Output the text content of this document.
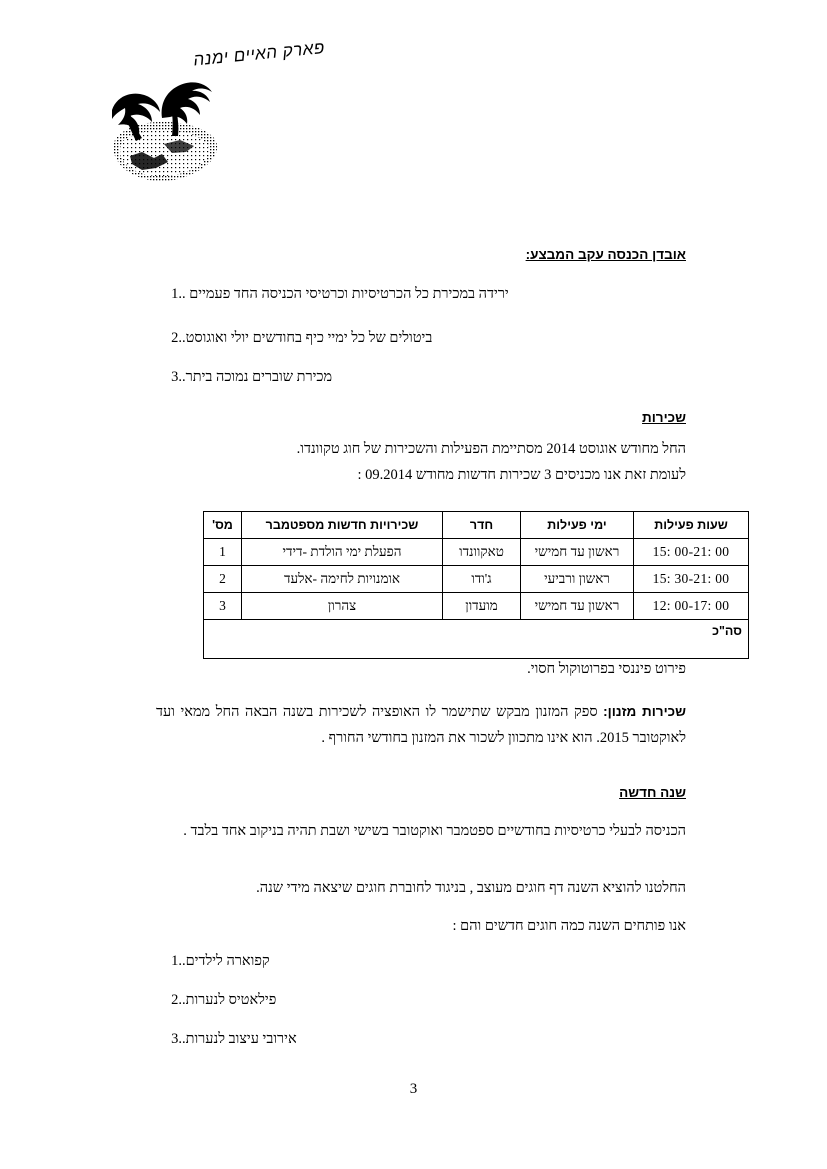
פארק האיים ימנה
אובדן הכנסה עקב המבצע:
ירידה במכירת כל הכרטיסיות וכרטיסי הכניסה החד פעמיים .
1.
ביטולים של כל ימיי כיף בחודשים יולי ואוגוסט.
2.
מכירת שוברים נמוכה ביתר.
3.
שכירות
החל מחודש אוגוסט 2014 מסתיימת הפעילות והשכירות של חוג טקוונדו.
לעומת זאת אנו מכניסים 3 שכירות חדשות מחודש 09.2014 :
שעות פעילות	ימי פעילות	חדר	שכירויות חדשות מספטמבר	מס'
15: 00-21: 00	ראשון עד חמישי	טאקוונדו	הפעלת ימי הולדת -דידי	1
15: 30-21: 00	ראשון ורביעי	ג'ודו	אומנויות לחימה -אלעד	2
12: 00-17: 00	ראשון עד חמישי	מועדון	צהרון	3
סה"כ				
פירוט פיננסי בפרוטוקול חסוי.
שכירות מזנון: ספק המזנון מבקש שתישמר לו האופציה לשכירות בשנה הבאה החל ממאי ועד לאוקטובר 2015. הוא אינו מתכוון לשכור את המזנון בחודשי החורף .
שנה חדשה
הכניסה לבעלי כרטיסיות בחודשיים ספטמבר ואוקטובר בשישי ושבת תהיה בניקוב אחד בלבד .
החלטנו להוציא השנה דף חוגים מעוצב , בניגוד לחוברת חוגים שיצאה מידי שנה.
אנו פותחים השנה כמה חוגים חדשים והם :
קפוארה לילדים.
1.
פילאטיס לנערות.
2.
אירובי עיצוב לנערות.
3.
3
